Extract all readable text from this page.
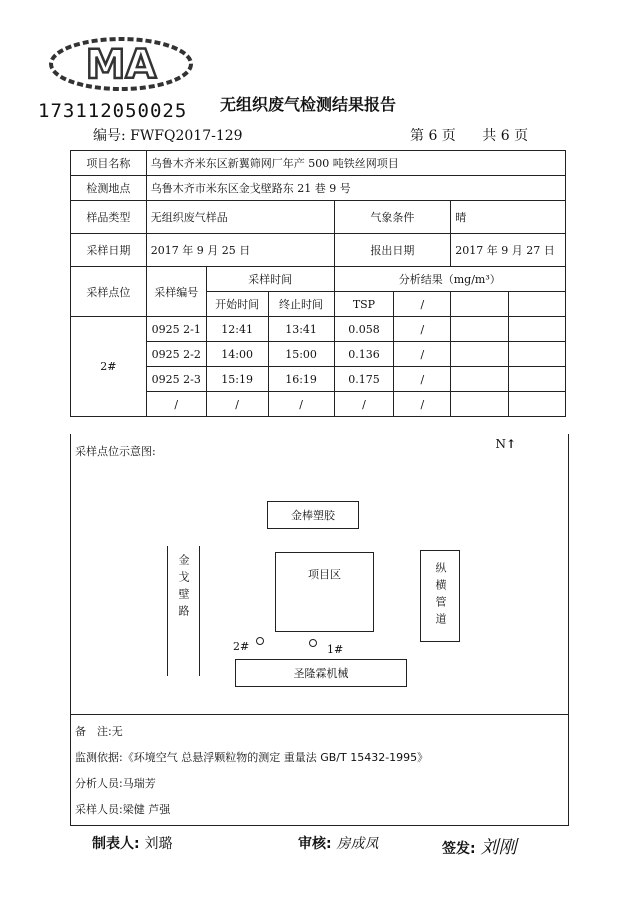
MA
173112050025 无组织废气检测结果报告
编号: FWFQ2017-129	第 6 页 共 6 页
项目名称	乌鲁木齐米东区新翼筛网厂年产 500 吨铁丝网项目						
检测地点	乌鲁木齐市米东区金戈壁路东 21 巷 9 号						
样品类型	无组织废气样品			气象条件		晴	
采样日期	2017 年 9 月 25 日			报出日期		2017 年 9 月 27 日	
采样点位	采样编号	采样时间		分析结果（mg/m³）			
		开始时间	终止时间	TSP	/		
2#	0925 2-1	12:41	13:41	0.058	/		
	0925 2-2	14:00	15:00	0.136	/		
	0925 2-3	15:19	16:19	0.175	/		
	/	/	/	/	/		
采样点位示意图:
N↑
金棒塑胶
项目区
金戈壁路	纵横管道
2#	1#
圣隆霖机械
备　注:无
监测依据:《环境空气 总悬浮颗粒物的测定 重量法 GB/T 15432-1995》
分析人员:马瑞芳
采样人员:梁健 芦强
制表人: 刘璐	审核: 房成凤	签发: 刘刚
